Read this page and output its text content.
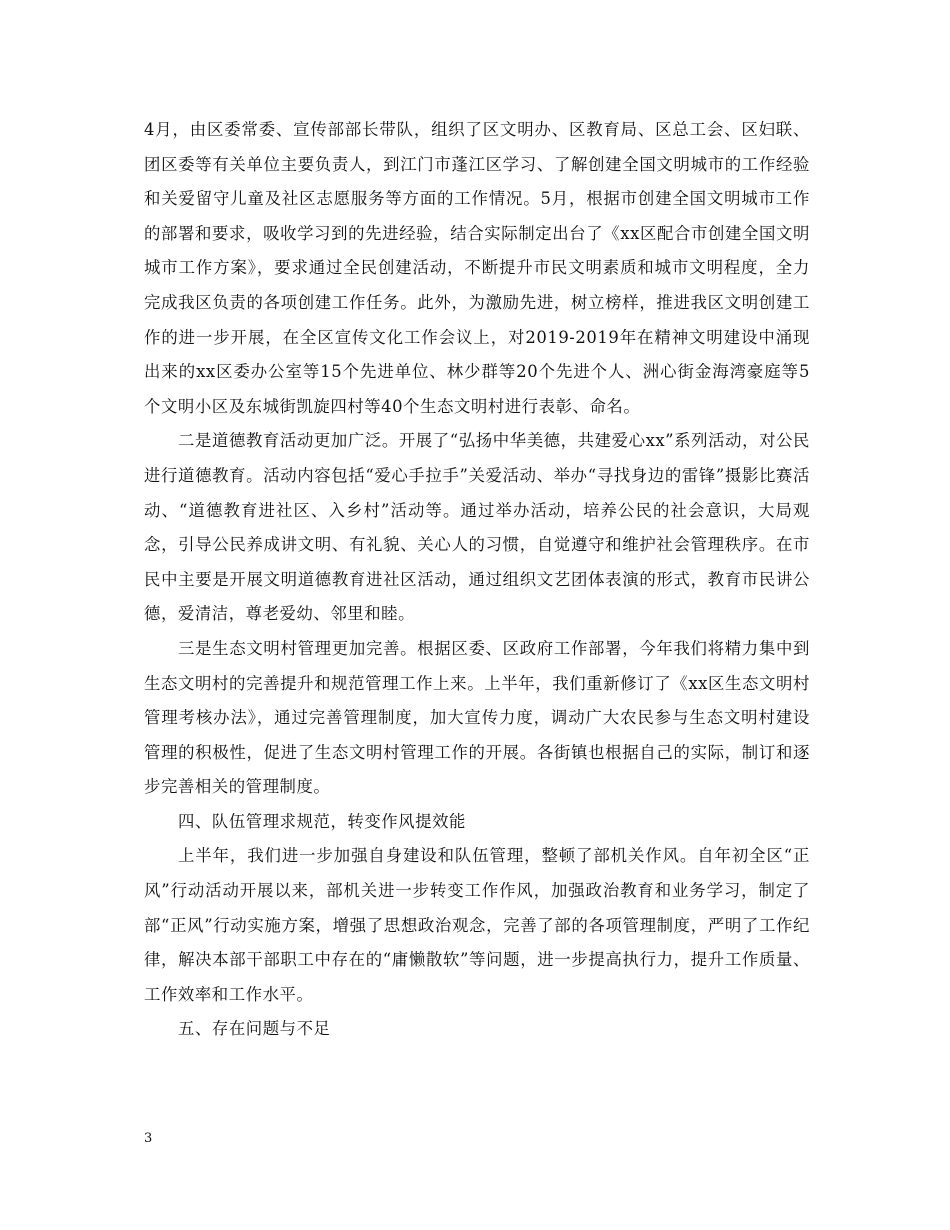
4月，由区委常委、宣传部部长带队，组织了区文明办、区教育局、区总工会、区妇联、团区委等有关单位主要负责人，到江门市蓬江区学习、了解创建全国文明城市的工作经验和关爱留守儿童及社区志愿服务等方面的工作情况。5月，根据市创建全国文明城市工作的部署和要求，吸收学习到的先进经验，结合实际制定出台了《xx区配合市创建全国文明城市工作方案》，要求通过全民创建活动，不断提升市民文明素质和城市文明程度，全力完成我区负责的各项创建工作任务。此外，为激励先进，树立榜样，推进我区文明创建工作的进一步开展，在全区宣传文化工作会议上，对2019-2019年在精神文明建设中涌现出来的xx区委办公室等15个先进单位、林少群等20个先进个人、洲心街金海湾豪庭等5个文明小区及东城街凯旋四村等40个生态文明村进行表彰、命名。

二是道德教育活动更加广泛。开展了“弘扬中华美德，共建爱心xx”系列活动，对公民进行道德教育。活动内容包括“爱心手拉手”关爱活动、举办“寻找身边的雷锋”摄影比赛活动、“道德教育进社区、入乡村”活动等。通过举办活动，培养公民的社会意识，大局观念，引导公民养成讲文明、有礼貌、关心人的习惯，自觉遵守和维护社会管理秩序。在市民中主要是开展文明道德教育进社区活动，通过组织文艺团体表演的形式，教育市民讲公德，爱清洁，尊老爱幼、邻里和睦。

三是生态文明村管理更加完善。根据区委、区政府工作部署，今年我们将精力集中到生态文明村的完善提升和规范管理工作上来。上半年，我们重新修订了《xx区生态文明村管理考核办法》，通过完善管理制度，加大宣传力度，调动广大农民参与生态文明村建设管理的积极性，促进了生态文明村管理工作的开展。各街镇也根据自己的实际，制订和逐步完善相关的管理制度。

四、队伍管理求规范，转变作风提效能

上半年，我们进一步加强自身建设和队伍管理，整顿了部机关作风。自年初全区“正风”行动活动开展以来，部机关进一步转变工作作风，加强政治教育和业务学习，制定了部“正风”行动实施方案，增强了思想政治观念，完善了部的各项管理制度，严明了工作纪律，解决本部干部职工中存在的“庸懒散软”等问题，进一步提高执行力，提升工作质量、工作效率和工作水平。

五、存在问题与不足

3
